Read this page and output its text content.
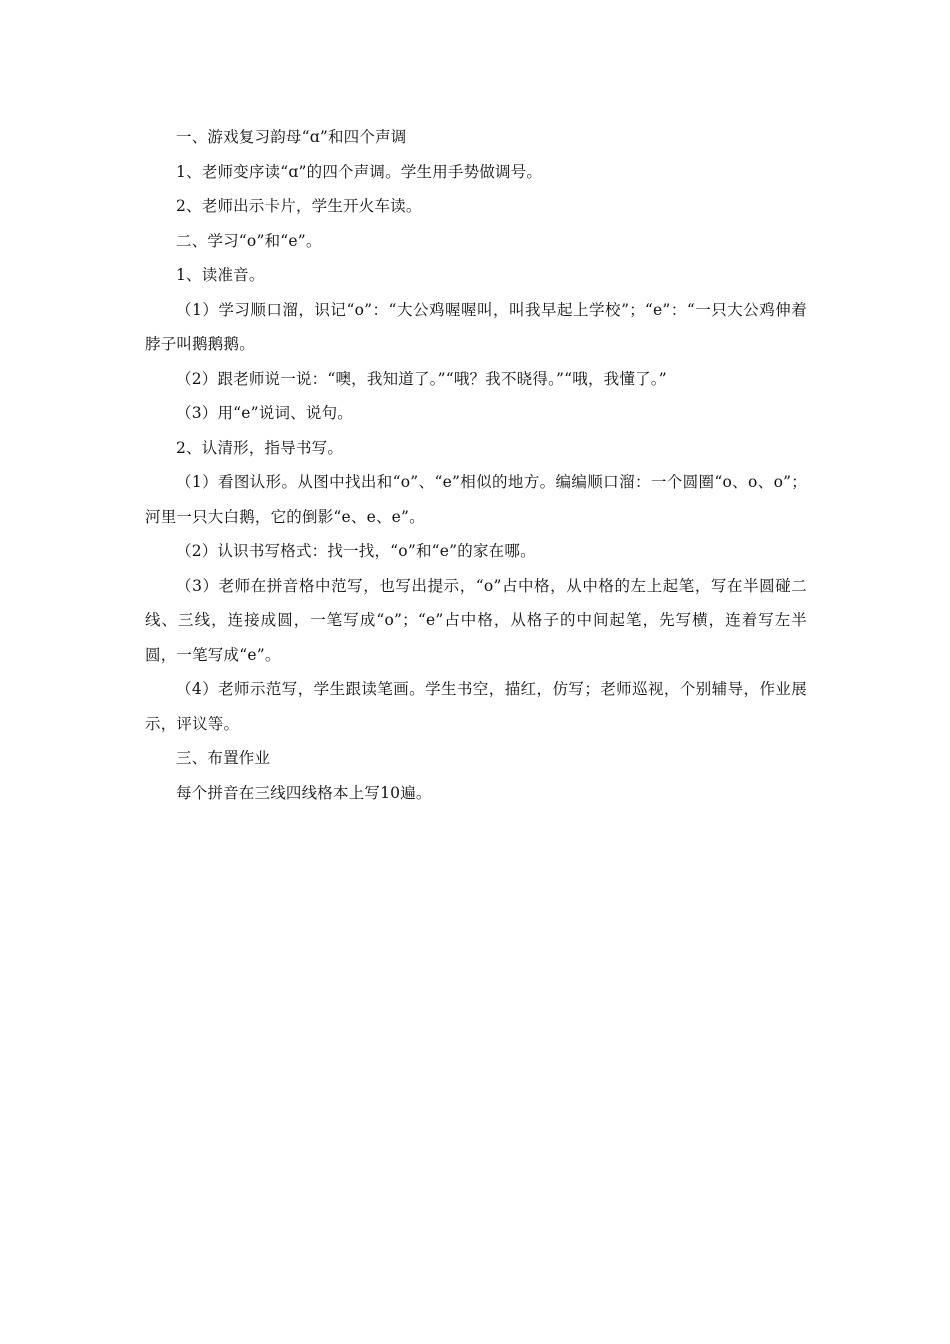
一、游戏复习韵母“ɑ”和四个声调

1、老师变序读“ɑ”的四个声调。学生用手势做调号。

2、老师出示卡片，学生开火车读。

二、学习“o”和“e”。

1、读准音。

（1）学习顺口溜，识记“o”：“大公鸡喔喔叫，叫我早起上学校”；“e”：“一只大公鸡伸着脖子叫鹅鹅鹅。

（2）跟老师说一说：“噢，我知道了。”“哦？我不晓得。”“哦，我懂了。”

（3）用“e”说词、说句。

2、认清形，指导书写。

（1）看图认形。从图中找出和“o”、“e”相似的地方。编编顺口溜：一个圆圈“o、o、o”；河里一只大白鹅，它的倒影“e、e、e”。

（2）认识书写格式：找一找，“o”和“e”的家在哪。

（3）老师在拼音格中范写，也写出提示，“o”占中格，从中格的左上起笔，写在半圆碰二线、三线，连接成圆，一笔写成“o”；“e”占中格，从格子的中间起笔，先写横，连着写左半圆，一笔写成“e”。

（4）老师示范写，学生跟读笔画。学生书空，描红，仿写；老师巡视，个别辅导，作业展示，评议等。

三、布置作业

每个拼音在三线四线格本上写10遍。
